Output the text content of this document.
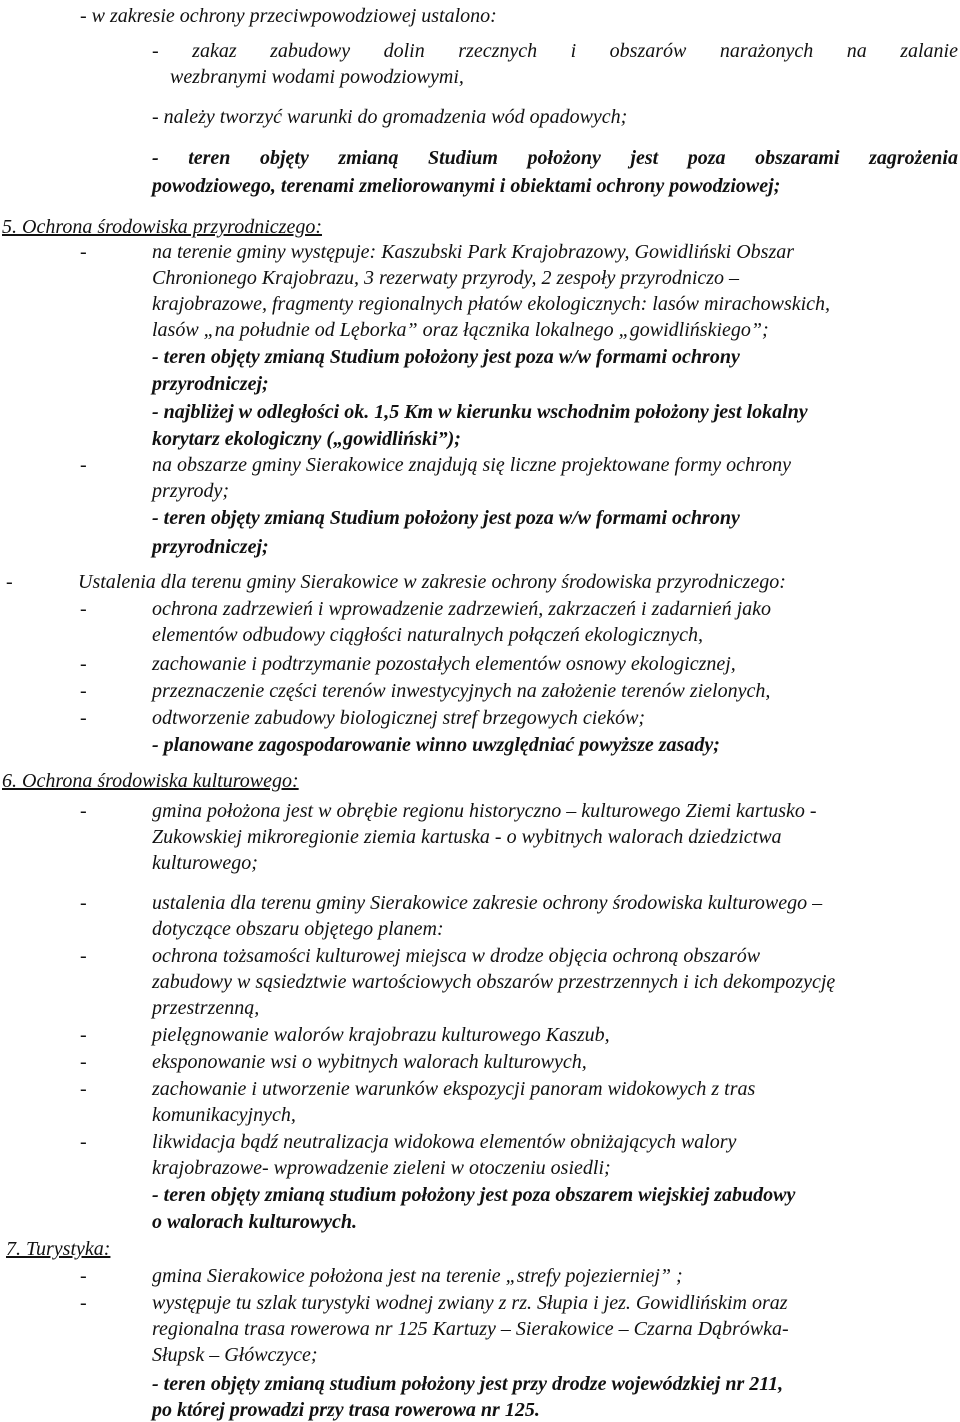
- w zakresie ochrony przeciwpowodziowej ustalono:
- zakaz zabudowy dolin rzecznych i obszarów narażonych na zalanie
wezbranymi wodami powodziowymi,
- należy tworzyć warunki do gromadzenia wód opadowych;
- teren objęty zmianą Studium położony jest poza obszarami zagrożenia
powodziowego, terenami zmeliorowanymi i obiektami ochrony powodziowej;
5. Ochrona środowiska przyrodniczego:
-	na terenie gminy występuje: Kaszubski Park Krajobrazowy, Gowidliński Obszar
Chronionego Krajobrazu, 3 rezerwaty przyrody, 2 zespoły przyrodniczo –
krajobrazowe, fragmenty regionalnych płatów ekologicznych: lasów mirachowskich,
lasów „na południe od Lęborka” oraz łącznika lokalnego „gowidlińskiego”;
- teren objęty zmianą Studium położony jest poza w/w formami ochrony
przyrodniczej;
- najbliżej w odległości ok. 1,5 Km w kierunku wschodnim położony jest lokalny
korytarz ekologiczny („gowidliński”);
-	na obszarze gminy Sierakowice znajdują się liczne projektowane formy ochrony
przyrody;
- teren objęty zmianą Studium położony jest poza w/w formami ochrony
przyrodniczej;
-	Ustalenia dla terenu gminy Sierakowice w zakresie ochrony środowiska przyrodniczego:
-	ochrona zadrzewień i wprowadzenie zadrzewień, zakrzaczeń i zadarnień jako
elementów odbudowy ciągłości naturalnych połączeń ekologicznych,
-	zachowanie i podtrzymanie pozostałych elementów osnowy ekologicznej,
-	przeznaczenie części terenów inwestycyjnych na założenie terenów zielonych,
-	odtworzenie zabudowy biologicznej stref brzegowych cieków;
- planowane zagospodarowanie winno uwzględniać powyższe zasady;
6. Ochrona środowiska kulturowego:
-	gmina położona jest w obrębie regionu historyczno – kulturowego Ziemi kartusko -
Zukowskiej mikroregionie ziemia kartuska - o wybitnych walorach dziedzictwa
kulturowego;
-	ustalenia dla terenu gminy Sierakowice zakresie ochrony środowiska kulturowego –
dotyczące obszaru objętego planem:
-	ochrona tożsamości kulturowej miejsca w drodze objęcia ochroną obszarów
zabudowy w sąsiedztwie wartościowych obszarów przestrzennych i ich dekompozycję
przestrzenną,
-	pielęgnowanie walorów krajobrazu kulturowego Kaszub,
-	eksponowanie wsi o wybitnych walorach kulturowych,
-	zachowanie i utworzenie warunków ekspozycji panoram widokowych z tras
komunikacyjnych,
-	likwidacja bądź neutralizacja widokowa elementów obniżających walory
krajobrazowe- wprowadzenie zieleni w otoczeniu osiedli;
- teren objęty zmianą studium położony jest poza obszarem wiejskiej zabudowy
o walorach kulturowych.
7. Turystyka:
-	gmina Sierakowice położona jest na terenie „strefy pojezierniej” ;
-	występuje tu szlak turystyki wodnej zwiany z rz. Słupia i jez. Gowidlińskim oraz
regionalna trasa rowerowa nr 125 Kartuzy – Sierakowice – Czarna Dąbrówka-
Słupsk – Główczyce;
- teren objęty zmianą studium położony jest przy drodze wojewódzkiej nr 211,
po której prowadzi przy trasa rowerowa nr 125.
